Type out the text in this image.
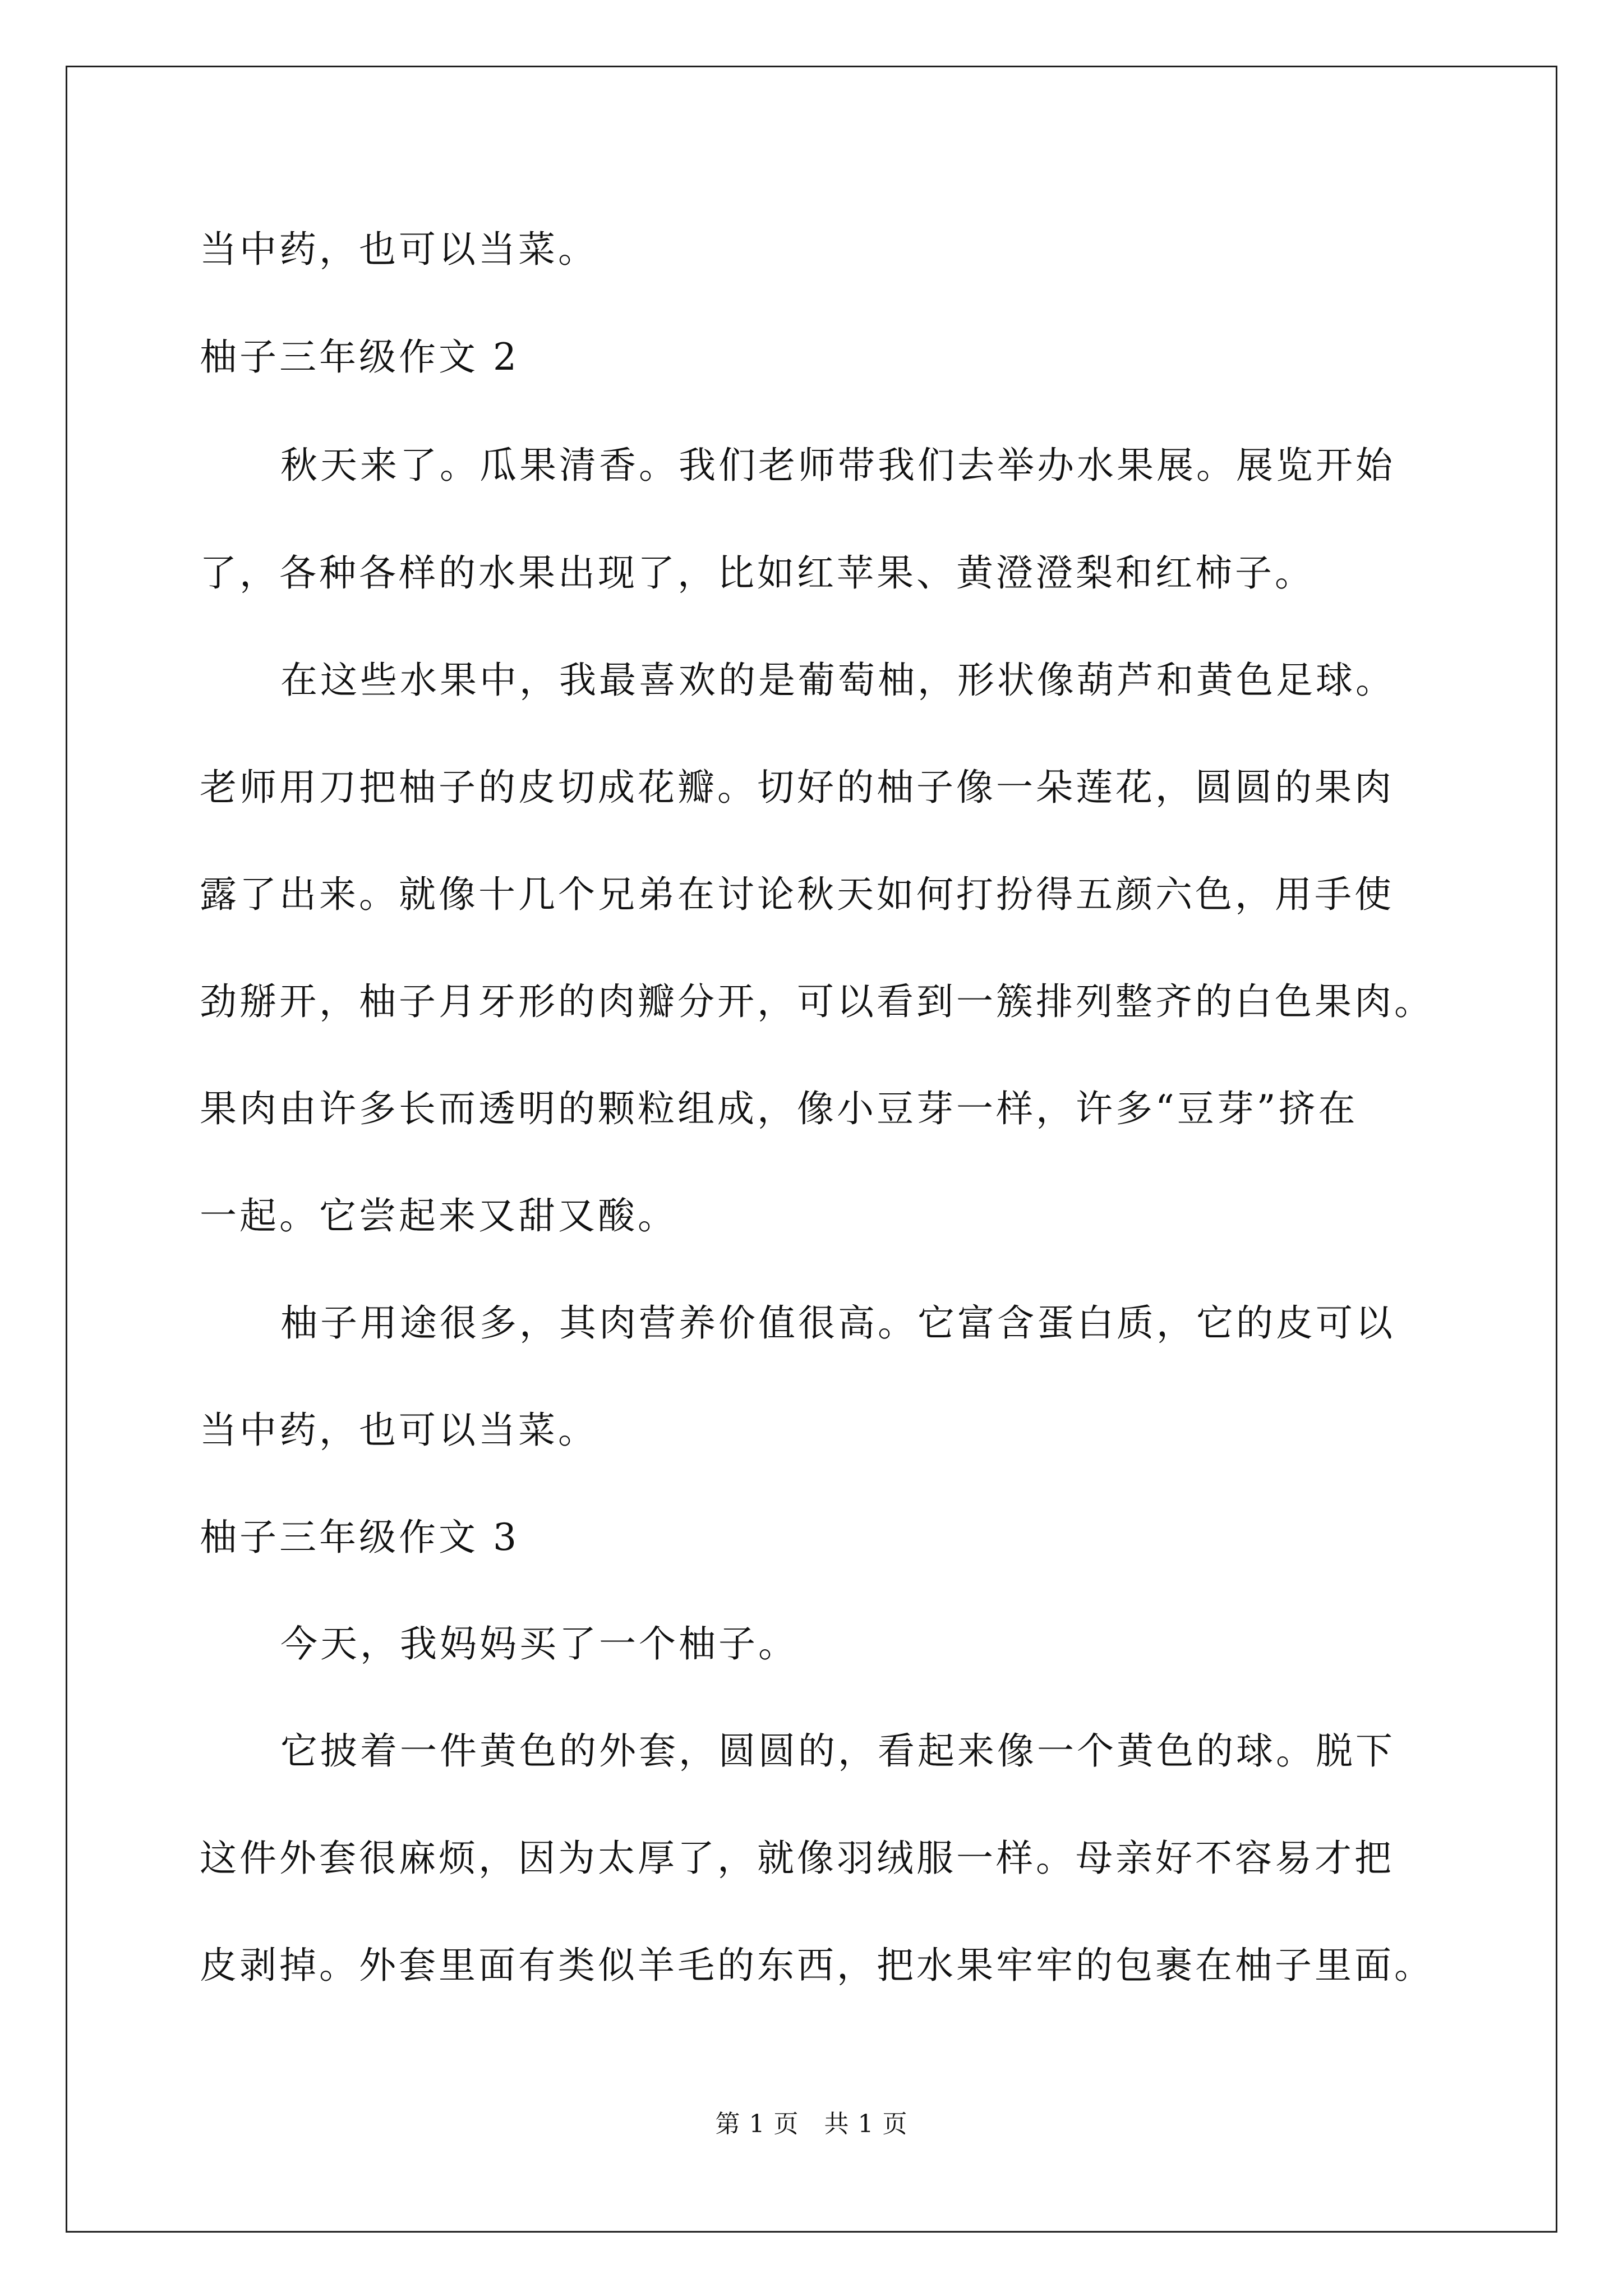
当中药，也可以当菜。
柚子三年级作文 2
秋天来了。瓜果清香。我们老师带我们去举办水果展。展览开始
了，各种各样的水果出现了，比如红苹果、黄澄澄梨和红柿子。
在这些水果中，我最喜欢的是葡萄柚，形状像葫芦和黄色足球。
老师用刀把柚子的皮切成花瓣。切好的柚子像一朵莲花，圆圆的果肉
露了出来。就像十几个兄弟在讨论秋天如何打扮得五颜六色，用手使
劲掰开，柚子月牙形的肉瓣分开，可以看到一簇排列整齐的白色果肉。
果肉由许多长而透明的颗粒组成，像小豆芽一样，许多“豆芽”挤在
一起。它尝起来又甜又酸。
柚子用途很多，其肉营养价值很高。它富含蛋白质，它的皮可以
当中药，也可以当菜。
柚子三年级作文 3
今天，我妈妈买了一个柚子。
它披着一件黄色的外套，圆圆的，看起来像一个黄色的球。脱下
这件外套很麻烦，因为太厚了，就像羽绒服一样。母亲好不容易才把
皮剥掉。外套里面有类似羊毛的东西，把水果牢牢的包裹在柚子里面。
第 1 页   共 1 页
